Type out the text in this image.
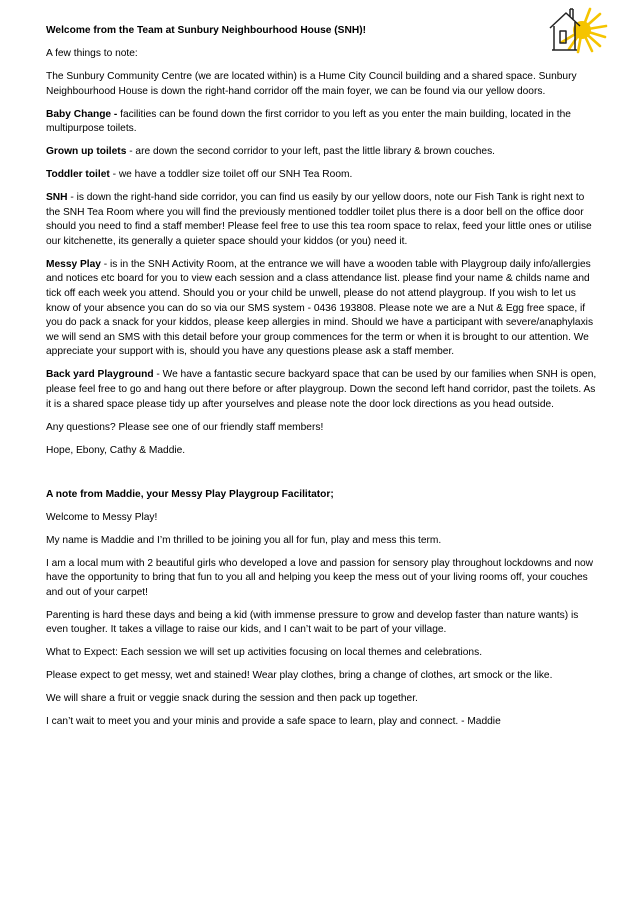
Welcome from the Team at Sunbury Neighbourhood House (SNH)!

A few things to note:

The Sunbury Community Centre (we are located within) is a Hume City Council building and a shared space. Sunbury Neighbourhood House is down the right-hand corridor off the main foyer, we can be found via our yellow doors.

Baby Change - facilities can be found down the first corridor to you left as you enter the main building, located in the multipurpose toilets.

Grown up toilets - are down the second corridor to your left, past the little library & brown couches.

Toddler toilet - we have a toddler size toilet off our SNH Tea Room.

SNH - is down the right-hand side corridor, you can find us easily by our yellow doors, note our Fish Tank is right next to the SNH Tea Room where you will find the previously mentioned toddler toilet plus there is a door bell on the office door should you need to find a staff member! Please feel free to use this tea room space to relax, feed your little ones or utilise our kitchenette, its generally a quieter space should your kiddos (or you) need it.

Messy Play - is in the SNH Activity Room, at the entrance we will have a wooden table with Playgroup daily info/allergies and notices etc board for you to view each session and a class attendance list. please find your name & childs name and tick off each week you attend. Should you or your child be unwell, please do not attend playgroup. If you wish to let us know of your absence you can do so via our SMS system - 0436 193808. Please note we are a Nut & Egg free space, if you do pack a snack for your kiddos, please keep allergies in mind. Should we have a participant with severe/anaphylaxis we will send an SMS with this detail before your group commences for the term or when it is brought to our attention. We appreciate your support with is, should you have any questions please ask a staff member.

Back yard Playground - We have a fantastic secure backyard space that can be used by our families when SNH is open, please feel free to go and hang out there before or after playgroup. Down the second left hand corridor, past the toilets. As it is a shared space please tidy up after yourselves and please note the door lock directions as you head outside.

Any questions? Please see one of our friendly staff members!

Hope, Ebony, Cathy & Maddie.

A note from Maddie, your Messy Play Playgroup Facilitator;

Welcome to Messy Play!

My name is Maddie and I’m thrilled to be joining you all for fun, play and mess this term.

I am a local mum with 2 beautiful girls who developed a love and passion for sensory play throughout lockdowns and now have the opportunity to bring that fun to you all and helping you keep the mess out of your living rooms off, your couches and out of your carpet!

Parenting is hard these days and being a kid (with immense pressure to grow and develop faster than nature wants) is even tougher. It takes a village to raise our kids, and I can’t wait to be part of your village.

What to Expect: Each session we will set up activities focusing on local themes and celebrations.

Please expect to get messy, wet and stained! Wear play clothes, bring a change of clothes, art smock or the like.

We will share a fruit or veggie snack during the session and then pack up together.

I can’t wait to meet you and your minis and provide a safe space to learn, play and connect. - Maddie
